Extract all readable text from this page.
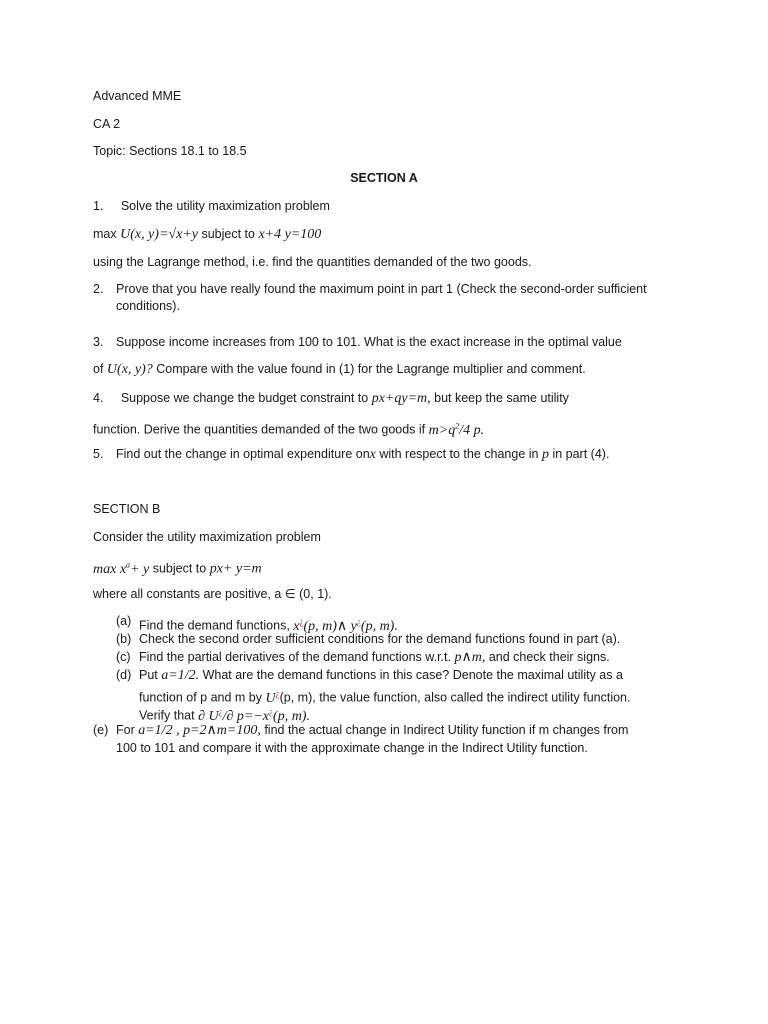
Advanced MME
CA 2
Topic: Sections 18.1 to 18.5
SECTION A
1. Solve the utility maximization problem
max U(x, y)=√x+y subject to x+4 y=100
using the Lagrange method, i.e. find the quantities demanded of the two goods.
2. Prove that you have really found the maximum point in part 1 (Check the second-order sufficient
conditions).
3. Suppose income increases from 100 to 101. What is the exact increase in the optimal value
of U(x, y)? Compare with the value found in (1) for the Lagrange multiplier and comment.
4. Suppose we change the budget constraint to px+qy=m, but keep the same utility
function. Derive the quantities demanded of the two goods if $m>q^2/4$ p.
5. Find out the change in optimal expenditure onx with respect to the change in p in part (4).
SECTION B
Consider the utility maximization problem
$\max x^a+ y$ subject to px+ y=m
where all constants are positive, a ∈ (0, 1).
(a) Find the demand functions, x¿(p, m)∧ y¿(p, m).
(b) Check the second order sufficient conditions for the demand functions found in part (a).
(c) Find the partial derivatives of the demand functions w.r.t. p∧m, and check their signs.
(d) Put a=1/2. What are the demand functions in this case? Denote the maximal utility as a
function of p and m by U¿(p, m), the value function, also called the indirect utility function.
Verify that ∂ U¿/∂ p=−x¿(p, m).
(e) For a=1/2 , p=2∧m=100, find the actual change in Indirect Utility function if m changes from
100 to 101 and compare it with the approximate change in the Indirect Utility function.
